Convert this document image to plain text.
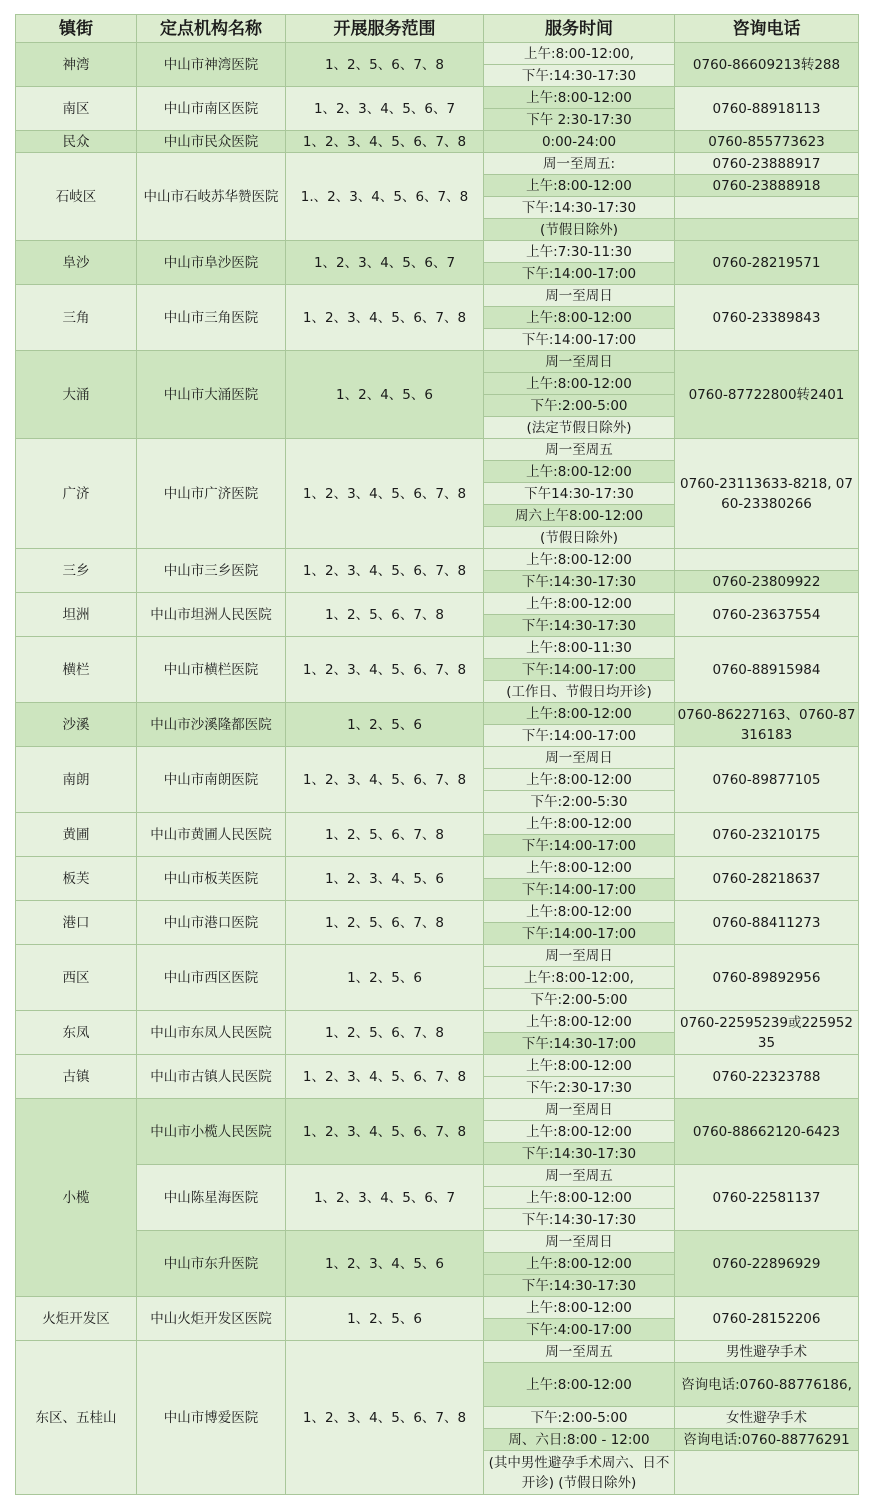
镇街	定点机构名称	开展服务范围	服务时间	咨询电话
神湾	中山市神湾医院	1、2、5、6、7、8	上午:8:00-12:00,	0760-86609213转288
			下午:14:30-17:30	
南区	中山市南区医院	1、2、3、4、5、6、7	上午:8:00-12:00	0760-88918113
			下午 2:30-17:30	
民众	中山市民众医院	1、2、3、4、5、6、7、8	0:00-24:00	0760-855773623
石岐区	中山市石岐苏华赞医院	1.、2、3、4、5、6、7、8	周一至周五:	0760-23888917
			上午:8:00-12:00	0760-23888918
			下午:14:30-17:30	
			(节假日除外)	
阜沙	中山市阜沙医院	1、2、3、4、5、6、7	上午:7:30-11:30	0760-28219571
			下午:14:00-17:00	
三角	中山市三角医院	1、2、3、4、5、6、7、8	周一至周日	0760-23389843
			上午:8:00-12:00	
			下午:14:00-17:00	
大涌	中山市大涌医院	1、2、4、5、6	周一至周日	0760-87722800转2401
			上午:8:00-12:00	
			下午:2:00-5:00	
			(法定节假日除外)	
广济	中山市广济医院	1、2、3、4、5、6、7、8	周一至周五	0760-23113633-8218, 0760-23380266
			上午:8:00-12:00	
			下午14:30-17:30	
			周六上午8:00-12:00	
			(节假日除外)	
三乡	中山市三乡医院	1、2、3、4、5、6、7、8	上午:8:00-12:00	
			下午:14:30-17:30	0760-23809922
坦洲	中山市坦洲人民医院	1、2、5、6、7、8	上午:8:00-12:00	0760-23637554
			下午:14:30-17:30	
横栏	中山市横栏医院	1、2、3、4、5、6、7、8	上午:8:00-11:30	0760-88915984
			下午:14:00-17:00	
			(工作日、节假日均开诊)	
沙溪	中山市沙溪隆都医院	1、2、5、6	上午:8:00-12:00	0760-86227163、0760-87316183
			下午:14:00-17:00	
南朗	中山市南朗医院	1、2、3、4、5、6、7、8	周一至周日	0760-89877105
			上午:8:00-12:00	
			下午:2:00-5:30	
黄圃	中山市黄圃人民医院	1、2、5、6、7、8	上午:8:00-12:00	0760-23210175
			下午:14:00-17:00	
板芙	中山市板芙医院	1、2、3、4、5、6	上午:8:00-12:00	0760-28218637
			下午:14:00-17:00	
港口	中山市港口医院	1、2、5、6、7、8	上午:8:00-12:00	0760-88411273
			下午:14:00-17:00	
西区	中山市西区医院	1、2、5、6	周一至周日	0760-89892956
			上午:8:00-12:00,	
			下午:2:00-5:00	
东凤	中山市东凤人民医院	1、2、5、6、7、8	上午:8:00-12:00	0760-22595239或22595235
			下午:14:30-17:00	
古镇	中山市古镇人民医院	1、2、3、4、5、6、7、8	上午:8:00-12:00	0760-22323788
			下午:2:30-17:30	
小榄	中山市小榄人民医院	1、2、3、4、5、6、7、8	周一至周日	0760-88662120-6423
			上午:8:00-12:00	
			下午:14:30-17:30	
	中山陈星海医院	1、2、3、4、5、6、7	周一至周五	0760-22581137
			上午:8:00-12:00	
			下午:14:30-17:30	
	中山市东升医院	1、2、3、4、5、6	周一至周日	0760-22896929
			上午:8:00-12:00	
			下午:14:30-17:30	
火炬开发区	中山火炬开发区医院	1、2、5、6	上午:8:00-12:00	0760-28152206
			下午:4:00-17:00	
东区、五桂山	中山市博爱医院	1、2、3、4、5、6、7、8	周一至周五	男性避孕手术
			上午:8:00-12:00	咨询电话:0760-88776186,
			下午:2:00-5:00	女性避孕手术
			周、六日:8:00 - 12:00	咨询电话:0760-88776291
			(其中男性避孕手术周六、日不开诊) (节假日除外)	
